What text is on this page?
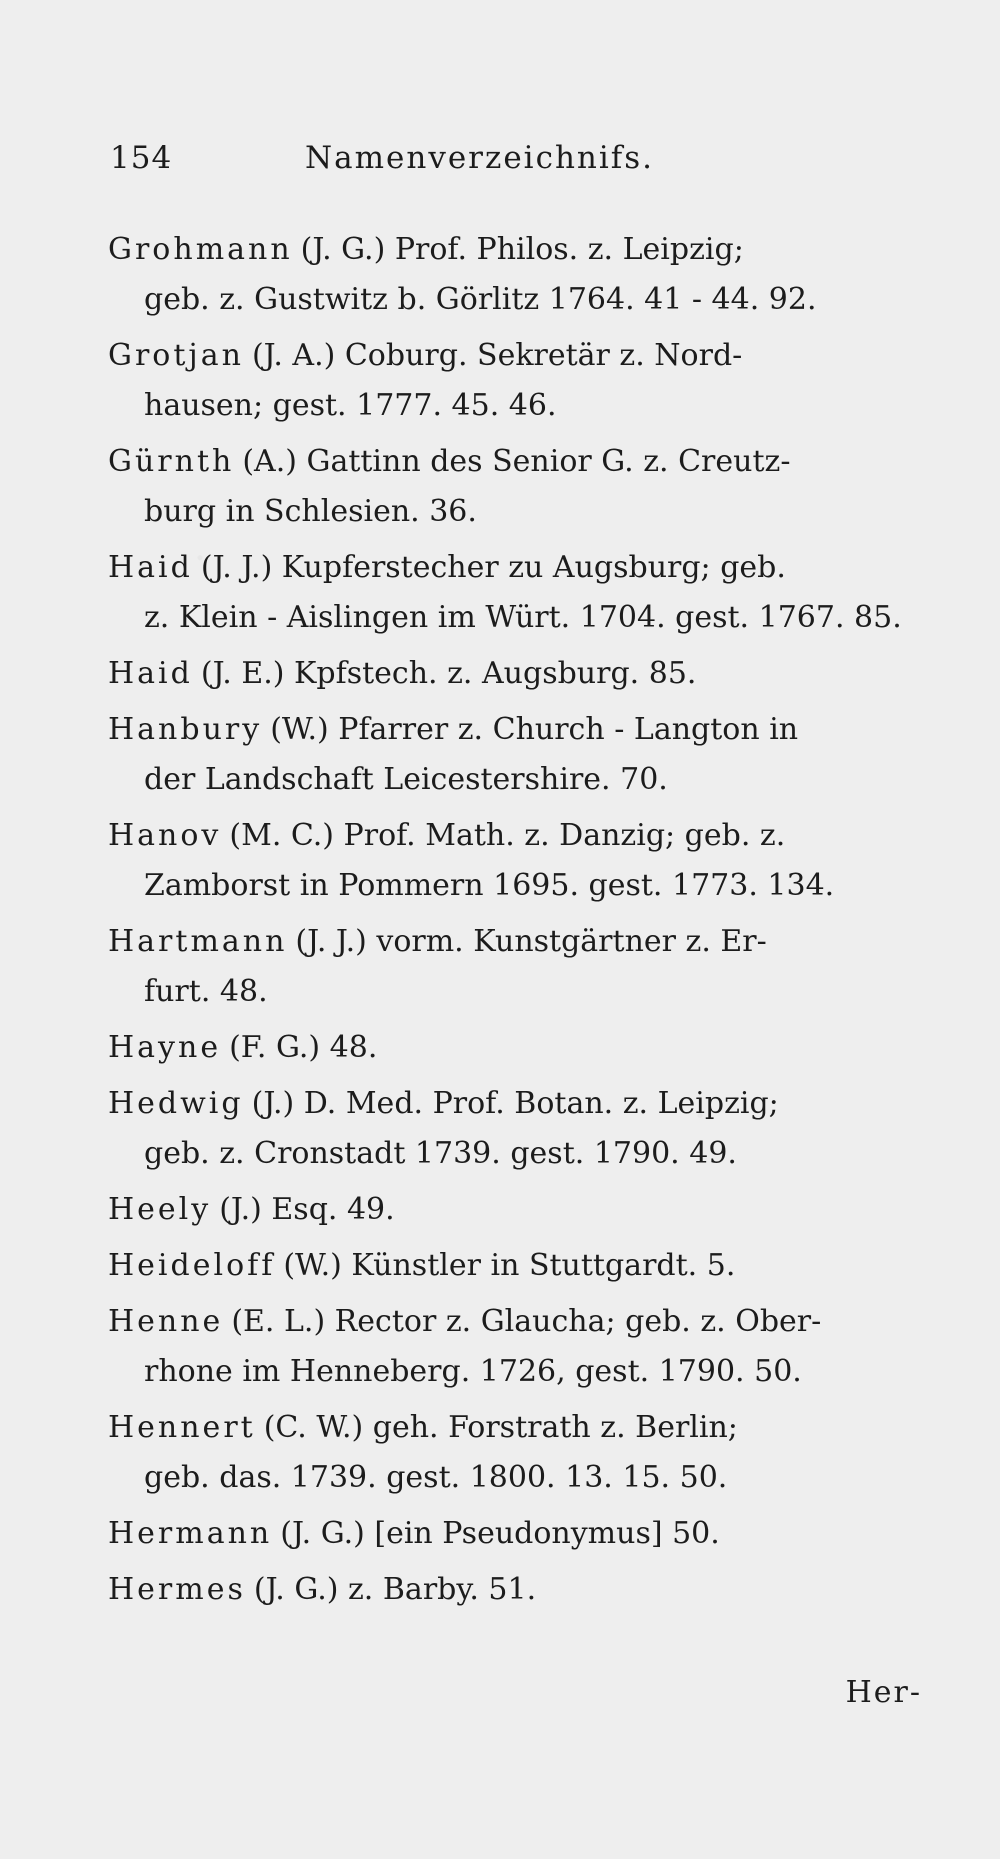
154	Namenverzeichnifs.
Grohmann (J. G.) Prof. Philos. z. Leipzig;
geb. z. Gustwitz b. Görlitz 1764. 41 - 44. 92.
Grotjan (J. A.) Coburg. Sekretär z. Nord-
hausen; gest. 1777. 45. 46.
Gürnth (A.) Gattinn des Senior G. z. Creutz-
burg in Schlesien. 36.
Haid (J. J.) Kupferstecher zu Augsburg; geb.
z. Klein - Aislingen im Würt. 1704. gest. 1767. 85.
Haid (J. E.) Kpfstech. z. Augsburg. 85.
Hanbury (W.) Pfarrer z. Church - Langton in
der Landschaft Leicestershire. 70.
Hanov (M. C.) Prof. Math. z. Danzig; geb. z.
Zamborst in Pommern 1695. gest. 1773. 134.
Hartmann (J. J.) vorm. Kunstgärtner z. Er-
furt. 48.
Hayne (F. G.) 48.
Hedwig (J.) D. Med. Prof. Botan. z. Leipzig;
geb. z. Cronstadt 1739. gest. 1790. 49.
Heely (J.) Esq. 49.
Heideloff (W.) Künstler in Stuttgardt. 5.
Henne (E. L.) Rector z. Glaucha; geb. z. Ober-
rhone im Henneberg. 1726, gest. 1790. 50.
Hennert (C. W.) geh. Forstrath z. Berlin;
geb. das. 1739. gest. 1800. 13. 15. 50.
Hermann (J. G.) [ein Pseudonymus] 50.
Hermes (J. G.) z. Barby. 51.
Her-
